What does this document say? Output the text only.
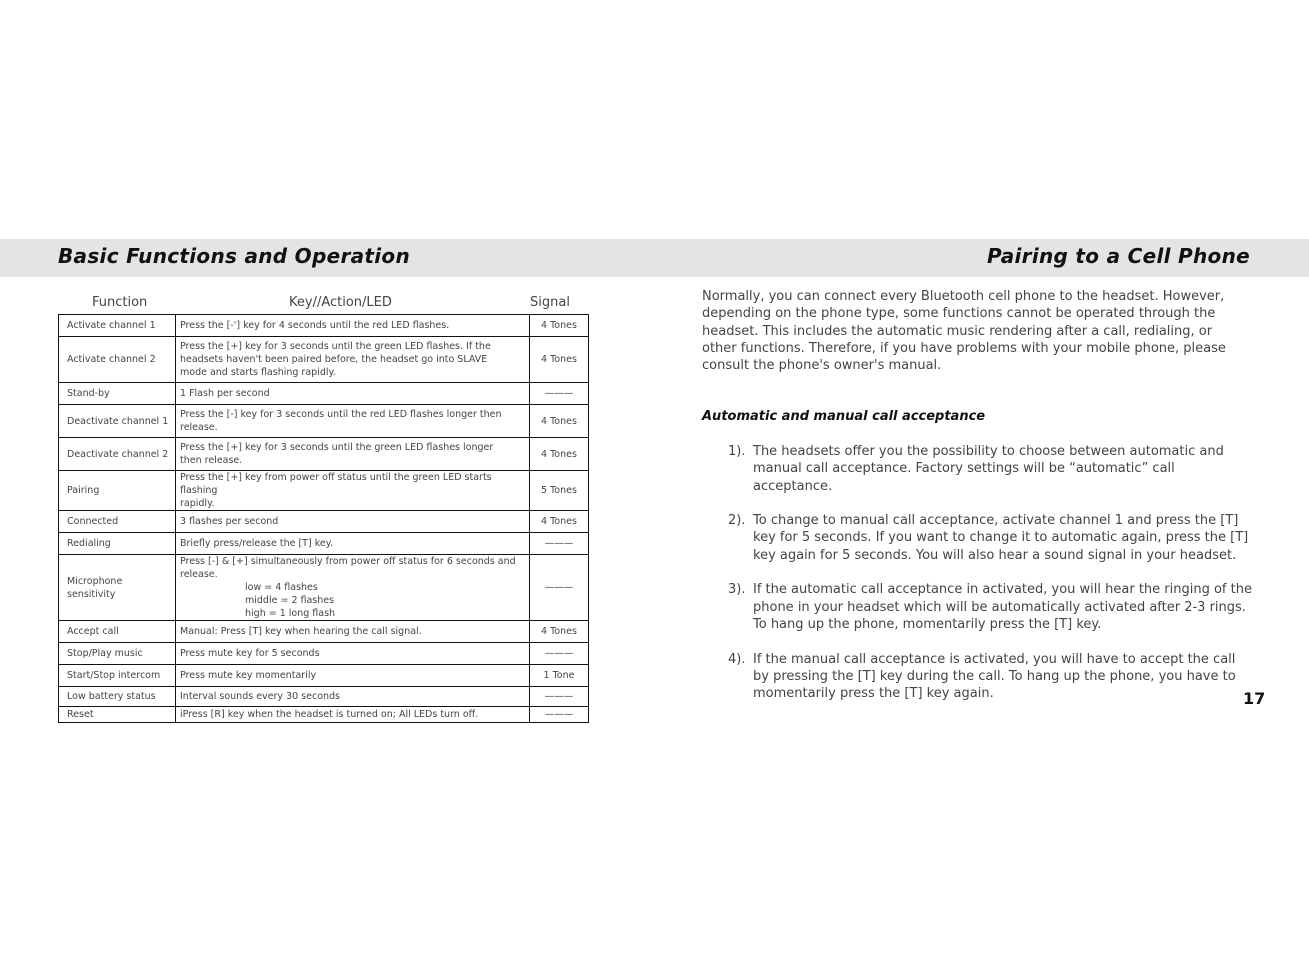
Basic Functions and Operation	Pairing to a Cell Phone
Function	Key//Action/LED	Signal
Activate channel 1	Press the [-'] key for 4 seconds until the red LED flashes.	4 Tones
Activate channel 2	Press the [+] key for 3 seconds until the green LED flashes. If the
headsets haven't been paired before, the headset go into SLAVE
mode and starts flashing rapidly.	4 Tones
Stand-by	1 Flash per second	———
Deactivate channel 1	Press the [-] key for 3 seconds until the red LED flashes longer then
release.	4 Tones
Deactivate channel 2	Press the [+] key for 3 seconds until the green LED flashes longer
then release.	4 Tones
Pairing	Press the [+] key from power off status until the green LED starts flashing
rapidly.	5 Tones
Connected	3 flashes per second	4 Tones
Redialing	Briefly press/release the [T] key.	———
Microphone sensitivity	Press [-] & [+] simultaneously from power off status for 6 seconds and release.
low = 4 flashes
middle = 2 flashes
high = 1 long flash	———
Accept call	Manual: Press [T] key when hearing the call signal.	4 Tones
Stop/Play music	Press mute key for 5 seconds	———
Start/Stop intercom	Press mute key momentarily	1 Tone
Low battery status	Interval sounds every 30 seconds	———
Reset	iPress [R] key when the headset is turned on; All LEDs turn off.	———

Normally, you can connect every Bluetooth cell phone to the headset. However, depending on the phone type, some functions cannot be operated through the headset. This includes the automatic music rendering after a call, redialing, or other functions. Therefore, if you have problems with your mobile phone, please consult the phone's owner's manual.

Automatic and manual call acceptance
1). The headsets offer you the possibility to choose between automatic and manual call acceptance. Factory settings will be “automatic” call acceptance.
2). To change to manual call acceptance, activate channel 1 and press the [T] key for 5 seconds. If you want to change it to automatic again, press the [T] key again for 5 seconds. You will also hear a sound signal in your headset.
3). If the automatic call acceptance in activated, you will hear the ringing of the phone in your headset which will be automatically activated after 2-3 rings. To hang up the phone, momentarily press the [T] key.
4). If the manual call acceptance is activated, you will have to accept the call by pressing the [T] key during the call. To hang up the phone, you have to momentarily press the [T] key again.	17
